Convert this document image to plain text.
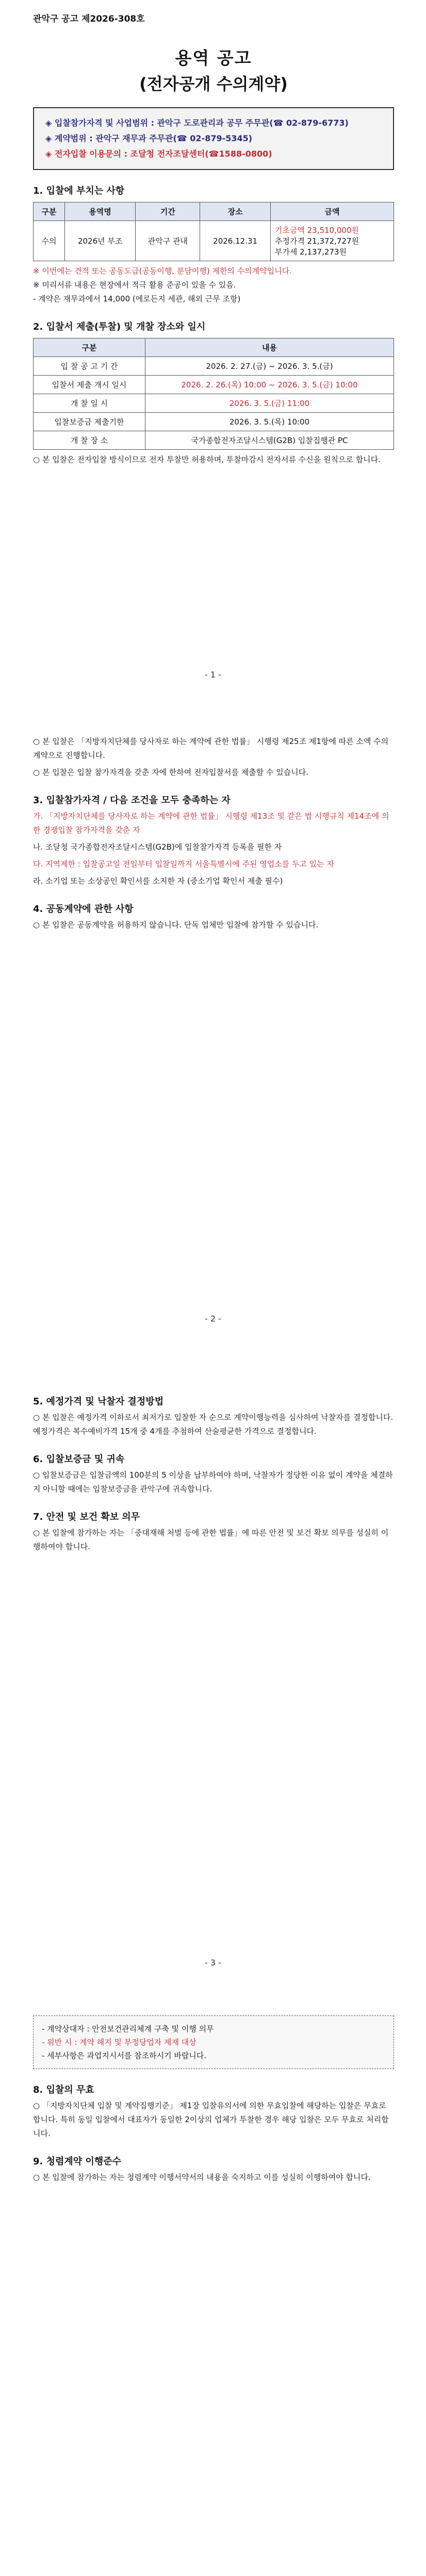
관악구 공고 제2026-308호
용역 공고
(전자공개 수의계약)
◈ 입찰참가자격 및 사업범위 : 관악구 도로관리과 공무 주무관(☎ 02-879-6773)
◈ 계약범위 : 관악구 재무과 주무관(☎ 02-879-5345)
◈ 전자입찰 이용문의 : 조달청 전자조달센터(☎1588-0800)
1. 입찰에 부치는 사항
구분	용역명	기간	장소	금액
수의	2026년 부조	관악구 관내	2026.12.31	기초금액 23,510,000원
추정가격 21,372,727원
부가세 2,137,273원
※ 이번에는 견적 또는 공동도급(공동이행, 분담이행) 제한의 수의계약입니다.
※ 미리서류 내용은 현장에서 적극 활용 준공이 있을 수 있음.
- 계약은 재무과에서 14,000 (에로든지 세관, 해외 근무 조항)
2. 입찰서 제출(투찰) 및 개찰 장소와 일시
구분	내용
입 찰 공 고 기 간	2026. 2. 27.(금) ~ 2026. 3. 5.(금)
입찰서 제출 개시 일시	2026. 2. 26.(목) 10:00 ~ 2026. 3. 5.(금) 10:00
개 찰 일 시	2026. 3. 5.(금) 11:00
입찰보증금 제출기한	2026. 3. 5.(목) 10:00
개 찰 장 소	국가종합전자조달시스템(G2B) 입찰집행관 PC
○ 본 입찰은 전자입찰 방식이므로 전자 투찰만 허용하며, 투찰마감시 전자서류 수신을 원칙으로 합니다.
- 1 -
○ 본 입찰은 「지방자치단체를 당사자로 하는 계약에 관한 법률」 시행령 제25조 제1항에 따른 소액 수의계약으로 진행합니다.
○ 본 입찰은 입찰 참가자격을 갖춘 자에 한하여 전자입찰서를 제출할 수 있습니다.
3. 입찰참가자격 / 다음 조건을 모두 충족하는 자
가. 「지방자치단체를 당사자로 하는 계약에 관한 법률」 시행령 제13조 및 같은 법 시행규칙 제14조에 의한 경쟁입찰 참가자격을 갖춘 자
나. 조달청 국가종합전자조달시스템(G2B)에 입찰참가자격 등록을 필한 자
다. 지역제한 : 입찰공고일 전일부터 입찰일까지 서울특별시에 주된 영업소를 두고 있는 자
라. 소기업 또는 소상공인 확인서를 소지한 자 (중소기업 확인서 제출 필수)
4. 공동계약에 관한 사항
○ 본 입찰은 공동계약을 허용하지 않습니다. 단독 업체만 입찰에 참가할 수 있습니다.
- 2 -
5. 예정가격 및 낙찰자 결정방법
○ 본 입찰은 예정가격 이하로서 최저가로 입찰한 자 순으로 계약이행능력을 심사하여 낙찰자를 결정합니다. 예정가격은 복수예비가격 15개 중 4개를 추첨하여 산술평균한 가격으로 결정합니다.
6. 입찰보증금 및 귀속
○ 입찰보증금은 입찰금액의 100분의 5 이상을 납부하여야 하며, 낙찰자가 정당한 이유 없이 계약을 체결하지 아니할 때에는 입찰보증금을 관악구에 귀속합니다.
7. 안전 및 보건 확보 의무
○ 본 입찰에 참가하는 자는 「중대재해 처벌 등에 관한 법률」에 따른 안전 및 보건 확보 의무를 성실히 이행하여야 합니다.
- 3 -
- 계약상대자 : 안전보건관리체계 구축 및 이행 의무
- 위반 시 : 계약 해지 및 부정당업자 제재 대상
- 세부사항은 과업지시서를 참조하시기 바랍니다.
8. 입찰의 무효
○ 「지방자치단체 입찰 및 계약집행기준」 제1장 입찰유의서에 의한 무효입찰에 해당하는 입찰은 무효로 합니다. 특히 동일 입찰에서 대표자가 동일한 2이상의 업체가 투찰한 경우 해당 입찰은 모두 무효로 처리합니다.
9. 청렴계약 이행준수
○ 본 입찰에 참가하는 자는 청렴계약 이행서약서의 내용을 숙지하고 이를 성실히 이행하여야 합니다.
